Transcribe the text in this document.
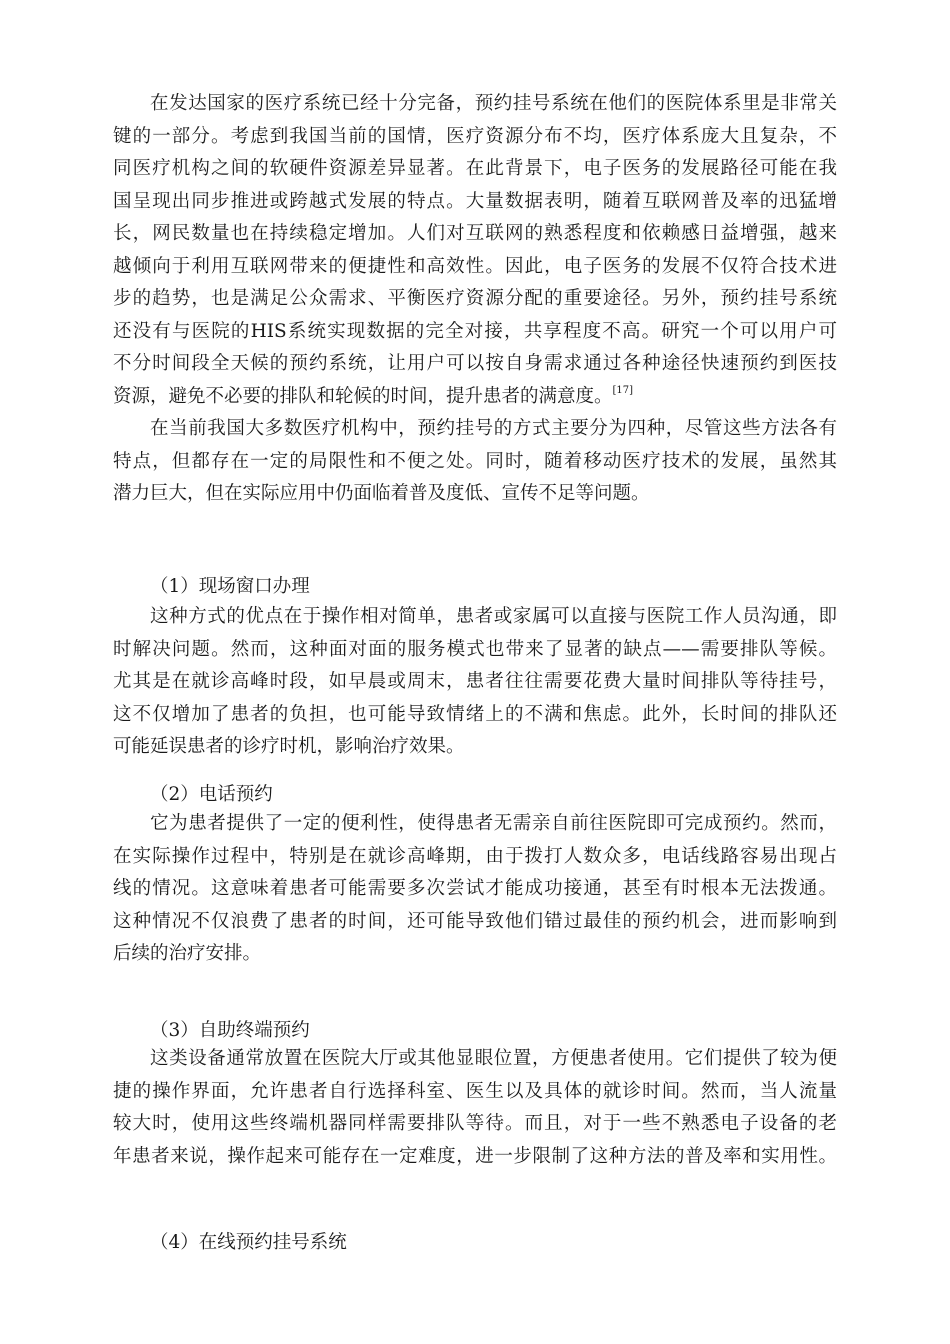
在发达国家的医疗系统已经十分完备，预约挂号系统在他们的医院体系里是非常关
键的一部分。考虑到我国当前的国情，医疗资源分布不均，医疗体系庞大且复杂，不
同医疗机构之间的软硬件资源差异显著。在此背景下，电子医务的发展路径可能在我
国呈现出同步推进或跨越式发展的特点。大量数据表明，随着互联网普及率的迅猛增
长，网民数量也在持续稳定增加。人们对互联网的熟悉程度和依赖感日益增强，越来
越倾向于利用互联网带来的便捷性和高效性。因此，电子医务的发展不仅符合技术进
步的趋势，也是满足公众需求、平衡医疗资源分配的重要途径。另外，预约挂号系统
还没有与医院的HIS系统实现数据的完全对接，共享程度不高。研究一个可以用户可
不分时间段全天候的预约系统，让用户可以按自身需求通过各种途径快速预约到医技
资源，避免不必要的排队和轮候的时间，提升患者的满意度。[17]
在当前我国大多数医疗机构中，预约挂号的方式主要分为四种，尽管这些方法各有
特点，但都存在一定的局限性和不便之处。同时，随着移动医疗技术的发展，虽然其
潜力巨大，但在实际应用中仍面临着普及度低、宣传不足等问题。
（1）现场窗口办理
这种方式的优点在于操作相对简单，患者或家属可以直接与医院工作人员沟通，即
时解决问题。然而，这种面对面的服务模式也带来了显著的缺点——需要排队等候。
尤其是在就诊高峰时段，如早晨或周末，患者往往需要花费大量时间排队等待挂号，
这不仅增加了患者的负担，也可能导致情绪上的不满和焦虑。此外，长时间的排队还
可能延误患者的诊疗时机，影响治疗效果。
（2）电话预约
它为患者提供了一定的便利性，使得患者无需亲自前往医院即可完成预约。然而，
在实际操作过程中，特别是在就诊高峰期，由于拨打人数众多，电话线路容易出现占
线的情况。这意味着患者可能需要多次尝试才能成功接通，甚至有时根本无法拨通。
这种情况不仅浪费了患者的时间，还可能导致他们错过最佳的预约机会，进而影响到
后续的治疗安排。
（3）自助终端预约
这类设备通常放置在医院大厅或其他显眼位置，方便患者使用。它们提供了较为便
捷的操作界面，允许患者自行选择科室、医生以及具体的就诊时间。然而，当人流量
较大时，使用这些终端机器同样需要排队等待。而且，对于一些不熟悉电子设备的老
年患者来说，操作起来可能存在一定难度，进一步限制了这种方法的普及率和实用性。
（4）在线预约挂号系统
